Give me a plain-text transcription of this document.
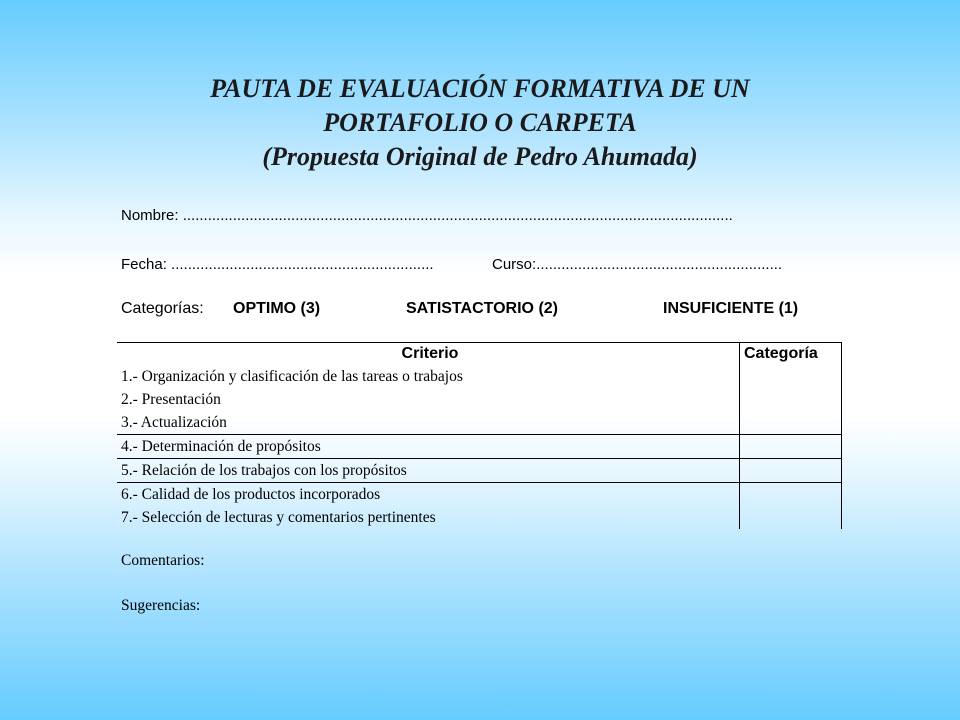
PAUTA DE EVALUACIÓN FORMATIVA DE UN
PORTAFOLIO O CARPETA
(Propuesta Original de Pedro Ahumada)
Nombre: ....................................................................................................................................
Fecha: ...............................................................	Curso:...........................................................
Categorías: OPTIMO (3)	SATISTACTORIO (2)	INSUFICIENTE (1)
Criterio	Categoría
1.- Organización y clasificación de las tareas o trabajos	
2.- Presentación	
3.- Actualización	
4.- Determinación de propósitos	
5.- Relación de los trabajos con los propósitos	
6.- Calidad de los productos incorporados	
7.- Selección de lecturas y comentarios pertinentes	
Comentarios:
Sugerencias:
